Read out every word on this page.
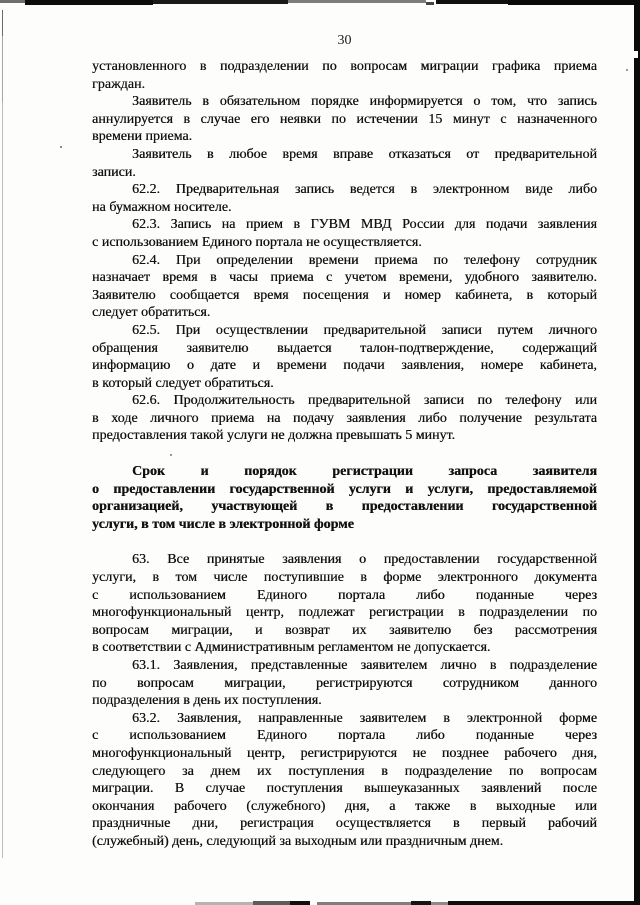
30
установленного в подразделении по вопросам миграции графика приема
граждан.
Заявитель в обязательном порядке информируется о том, что запись
аннулируется в случае его неявки по истечении 15 минут с назначенного
времени приема.
Заявитель в любое время вправе отказаться от предварительной
записи.
62.2. Предварительная запись ведется в электронном виде либо
на бумажном носителе.
62.3. Запись на прием в ГУВМ МВД России для подачи заявления
с использованием Единого портала не осуществляется.
62.4. При определении времени приема по телефону сотрудник
назначает время в часы приема с учетом времени, удобного заявителю.
Заявителю сообщается время посещения и номер кабинета, в который
следует обратиться.
62.5. При осуществлении предварительной записи путем личного
обращения заявителю выдается талон-подтверждение, содержащий
информацию о дате и времени подачи заявления, номере кабинета,
в который следует обратиться.
62.6. Продолжительность предварительной записи по телефону или
в ходе личного приема на подачу заявления либо получение результата
предоставления такой услуги не должна превышать 5 минут.
Срок	и	порядок	регистрации	запроса	заявителя
о предоставлении государственной услуги и услуги, предоставляемой
организацией, участвующей в предоставлении государственной
услуги, в том числе в электронной форме
63. Все принятые заявления о предоставлении государственной
услуги, в том числе поступившие в форме электронного документа
с использованием Единого портала либо поданные через
многофункциональный центр, подлежат регистрации в подразделении по
вопросам миграции, и возврат их заявителю без рассмотрения
в соответствии с Административным регламентом не допускается.
63.1. Заявления, представленные заявителем лично в подразделение
по вопросам миграции, регистрируются сотрудником данного
подразделения в день их поступления.
63.2. Заявления, направленные заявителем в электронной форме
с использованием Единого портала либо поданные через
многофункциональный центр, регистрируются не позднее рабочего дня,
следующего за днем их поступления в подразделение по вопросам
миграции. В случае поступления вышеуказанных заявлений после
окончания рабочего (служебного) дня, а также в выходные или
праздничные дни, регистрация осуществляется в первый рабочий
(служебный) день, следующий за выходным или праздничным днем.
